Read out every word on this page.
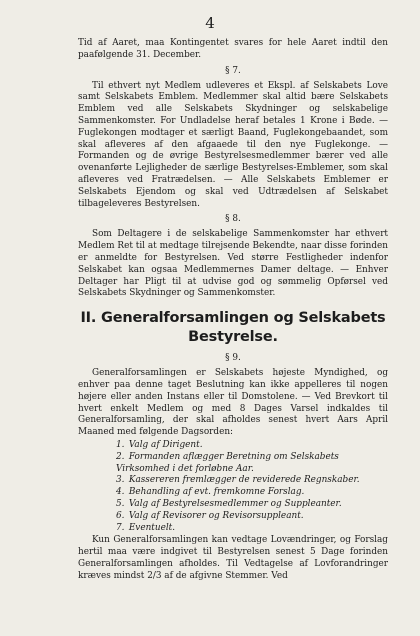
4

Tid af Aaret, maa Kontingentet svares for hele Aaret indtil den paafølgende 31. December.

§ 7.

Til ethvert nyt Medlem udleveres et Ekspl. af Selskabets Love samt Selskabets Emblem. Medlemmer skal altid bære Selskabets Emblem ved alle Selskabets Skydninger og selskabelige Sammenkomster. For Undladelse heraf betales 1 Krone i Bøde. — Fuglekongen modtager et særligt Baand, Fuglekongebaandet, som skal afleveres af den afgaaede til den nye Fuglekonge. — Formanden og de øvrige Bestyrelsesmedlemmer bærer ved alle ovenanførte Lejligheder de særlige Bestyrelses-Emblemer, som skal afleveres ved Fratrædelsen. — Alle Selskabets Emblemer er Selskabets Ejendom og skal ved Udtrædelsen af Selskabet tilbageleveres Bestyrelsen.

§ 8.

Som Deltagere i de selskabelige Sammenkomster har ethvert Medlem Ret til at medtage tilrejsende Bekendte, naar disse forinden er anmeldte for Bestyrelsen. Ved større Festligheder indenfor Selskabet kan ogsaa Medlemmernes Damer deltage. — Enhver Deltager har Pligt til at udvise god og sømmelig Opførsel ved Selskabets Skydninger og Sammenkomster.

II. Generalforsamlingen og Selskabets Bestyrelse.
§ 9.

Generalforsamlingen er Selskabets højeste Myndighed, og enhver paa denne taget Beslutning kan ikke appelleres til nogen højere eller anden Instans eller til Domstolene. — Ved Brevkort til hvert enkelt Medlem og med 8 Dages Varsel indkaldes til Generalforsamling, der skal afholdes senest hvert Aars April Maaned med følgende Dagsorden:

1. Valg af Dirigent.
2. Formanden aflægger Beretning om Selskabets Virksomhed i det forløbne Aar.
3. Kassereren fremlægger de reviderede Regnskaber.
4. Behandling af evt. fremkomne Forslag.
5. Valg af Bestyrelsesmedlemmer og Suppleanter.
6. Valg af Revisorer og Revisorsuppleant.
7. Eventuelt.

Kun Generalforsamlingen kan vedtage Lovændringer, og Forslag hertil maa være indgivet til Bestyrelsen senest 5 Dage forinden Generalforsamlingen afholdes. Til Vedtagelse af Lovforandringer kræves mindst 2/3 af de afgivne Stemmer. Ved
